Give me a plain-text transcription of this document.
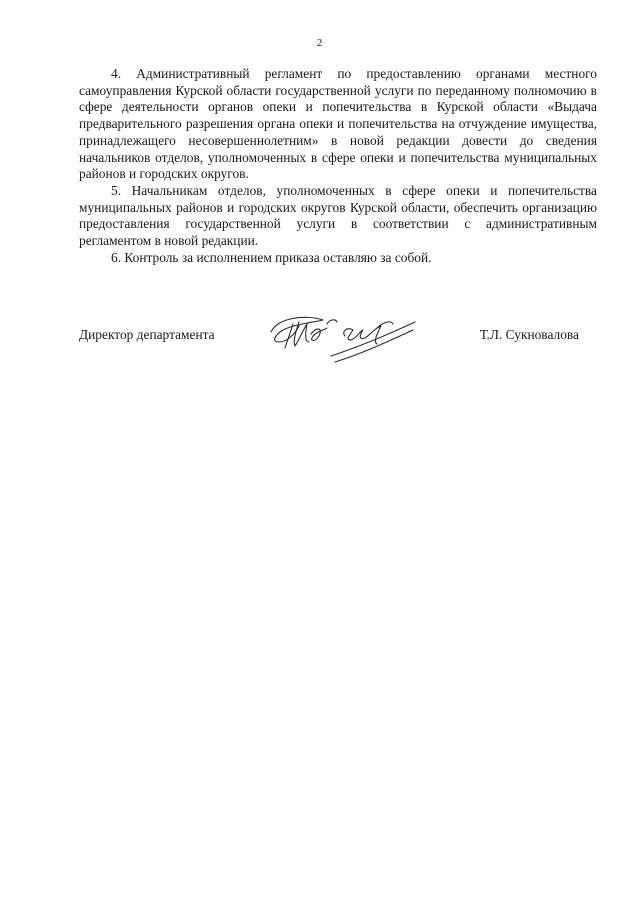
2

4. Административный регламент по предоставлению органами местного самоуправления Курской области государственной услуги по переданному полномочию в сфере деятельности органов опеки и попечительства в Курской области «Выдача предварительного разрешения органа опеки и попечительства на отчуждение имущества, принадлежащего несовершеннолетним» в новой редакции довести до сведения начальников отделов, уполномоченных в сфере опеки и попечительства муниципальных районов и городских округов.

5. Начальникам отделов, уполномоченных в сфере опеки и попечительства муниципальных районов и городских округов Курской области, обеспечить организацию предоставления государственной услуги в соответствии с административным регламентом в новой редакции.

6. Контроль за исполнением приказа оставляю за собой.

Директор департамента	Т.Л. Сукновалова
